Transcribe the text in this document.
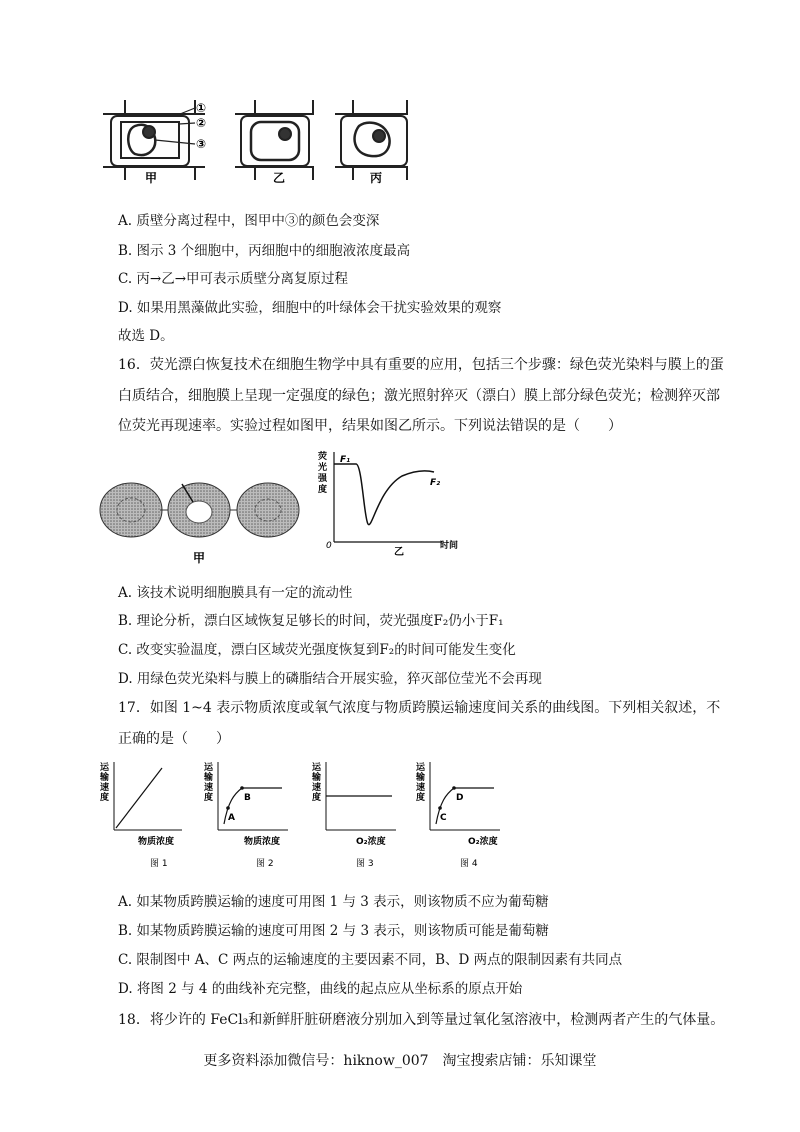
①
②
③
甲	乙	丙
A. 质壁分离过程中，图甲中③的颜色会变深
B. 图示 3 个细胞中，丙细胞中的细胞液浓度最高
C. 丙→乙→甲可表示质壁分离复原过程
D. 如果用黑藻做此实验，细胞中的叶绿体会干扰实验效果的观察
故选 D。
16．荧光漂白恢复技术在细胞生物学中具有重要的应用，包括三个步骤：绿色荧光染料与膜上的蛋
白质结合，细胞膜上呈现一定强度的绿色；激光照射猝灭（漂白）膜上部分绿色荧光；检测猝灭部
位荧光再现速率。实验过程如图甲，结果如图乙所示。下列说法错误的是（　　）
甲
荧
光
强
度
F₁
F₂
0
乙
时间
A. 该技术说明细胞膜具有一定的流动性
B. 理论分析，漂白区域恢复足够长的时间，荧光强度F₂仍小于F₁
C. 改变实验温度，漂白区域荧光强度恢复到F₂的时间可能发生变化
D. 用绿色荧光染料与膜上的磷脂结合开展实验，猝灭部位莹光不会再现
17．如图 1~4 表示物质浓度或氧气浓度与物质跨膜运输速度间关系的曲线图。下列相关叙述，不
正确的是（　　）
运
输
速
度
物质浓度
图 1
运
输
速
度
A
B
物质浓度
图 2
运
输
速
度
O₂浓度
图 3
运
输
速
度
C
D
O₂浓度
图 4
A. 如某物质跨膜运输的速度可用图 1 与 3 表示，则该物质不应为葡萄糖
B. 如某物质跨膜运输的速度可用图 2 与 3 表示，则该物质可能是葡萄糖
C. 限制图中 A、C 两点的运输速度的主要因素不同，B、D 两点的限制因素有共同点
D. 将图 2 与 4 的曲线补充完整，曲线的起点应从坐标系的原点开始
18．将少许的 FeCl₃和新鲜肝脏研磨液分别加入到等量过氧化氢溶液中，检测两者产生的气体量。
更多资料添加微信号：hiknow_007　淘宝搜索店铺：乐知课堂
